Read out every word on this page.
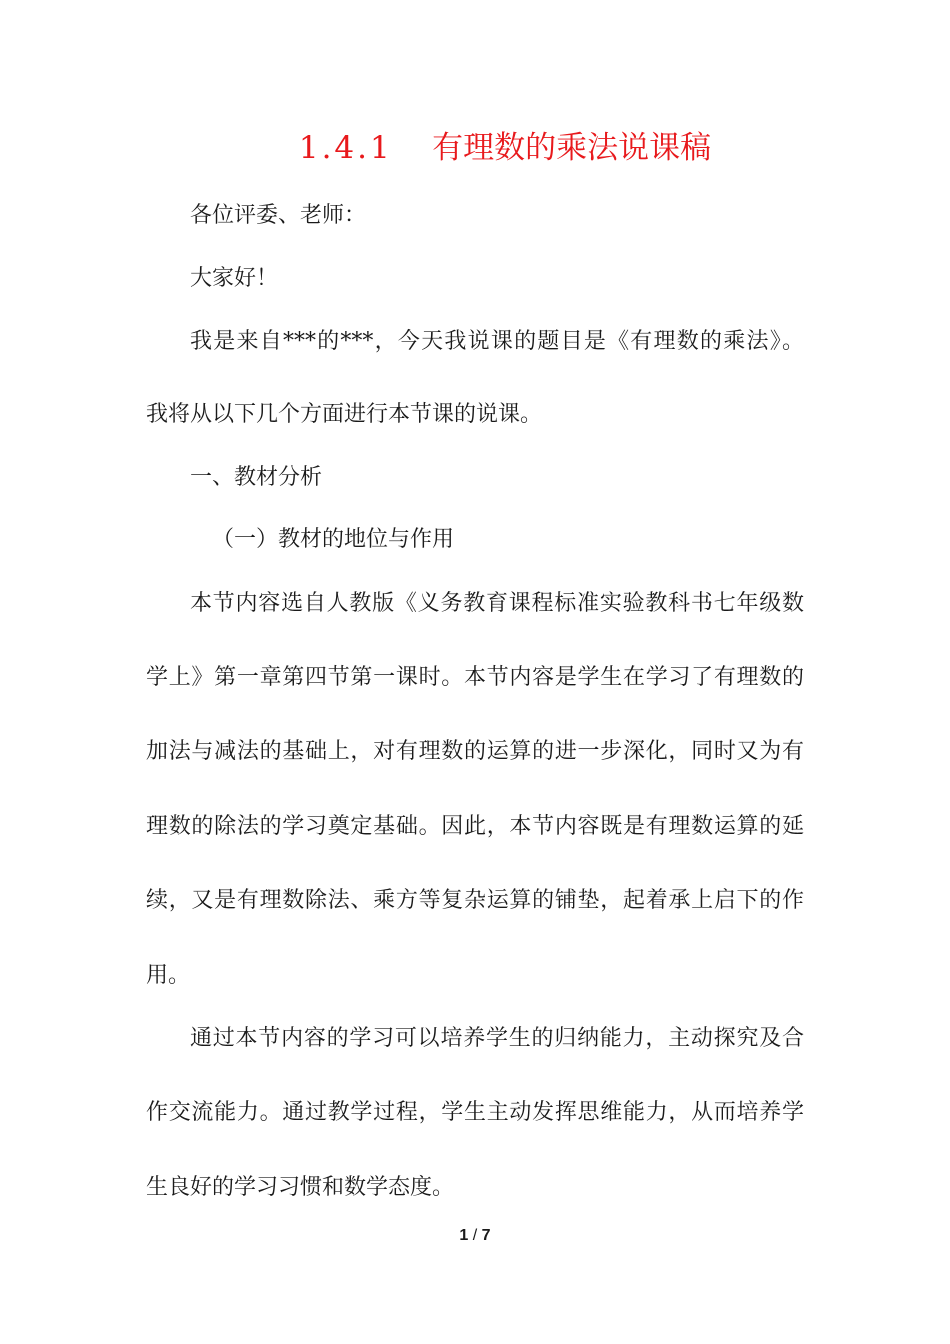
1.4.1 有理数的乘法说课稿
各位评委、老师：
大家好！
我是来自***的***，今天我说课的题目是《有理数的乘法》。
我将从以下几个方面进行本节课的说课。
一、教材分析
（一）教材的地位与作用
本节内容选自人教版《义务教育课程标准实验教科书七年级数
学上》第一章第四节第一课时。本节内容是学生在学习了有理数的
加法与减法的基础上，对有理数的运算的进一步深化，同时又为有
理数的除法的学习奠定基础。因此，本节内容既是有理数运算的延
续，又是有理数除法、乘方等复杂运算的铺垫，起着承上启下的作
用。
通过本节内容的学习可以培养学生的归纳能力，主动探究及合
作交流能力。通过教学过程，学生主动发挥思维能力，从而培养学
生良好的学习习惯和数学态度。
1 / 7
